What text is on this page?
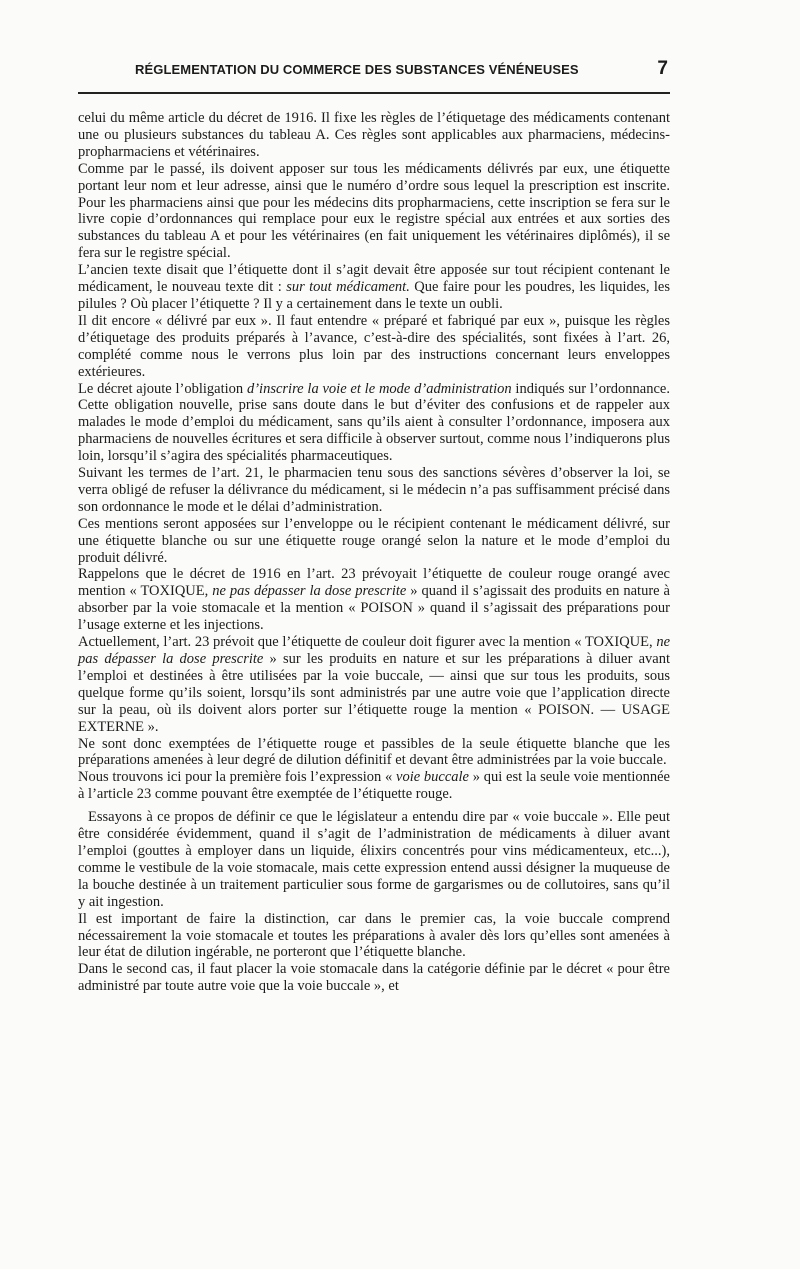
RÉGLEMENTATION DU COMMERCE DES SUBSTANCES VÉNÉNEUSES	7

celui du même article du décret de 1916. Il fixe les règles de l’étiquetage des médicaments contenant une ou plusieurs substances du tableau A. Ces règles sont applicables aux pharmaciens, médecins-propharmaciens et vétérinaires.

Comme par le passé, ils doivent apposer sur tous les médicaments délivrés par eux, une étiquette portant leur nom et leur adresse, ainsi que le numéro d’ordre sous lequel la prescription est inscrite. Pour les pharmaciens ainsi que pour les médecins dits propharmaciens, cette inscription se fera sur le livre copie d’ordonnances qui remplace pour eux le registre spécial aux entrées et aux sorties des substances du tableau A et pour les vétérinaires (en fait uniquement les vétérinaires diplômés), il se fera sur le registre spécial.

L’ancien texte disait que l’étiquette dont il s’agit devait être apposée sur tout récipient contenant le médicament, le nouveau texte dit : sur tout médicament. Que faire pour les poudres, les liquides, les pilules ? Où placer l’étiquette ? Il y a certainement dans le texte un oubli.

Il dit encore « délivré par eux ». Il faut entendre « préparé et fabriqué par eux », puisque les règles d’étiquetage des produits préparés à l’avance, c’est-à-dire des spécialités, sont fixées à l’art. 26, complété comme nous le verrons plus loin par des instructions concernant leurs enveloppes extérieures.

Le décret ajoute l’obligation d’inscrire la voie et le mode d’administration indiqués sur l’ordonnance. Cette obligation nouvelle, prise sans doute dans le but d’éviter des confusions et de rappeler aux malades le mode d’emploi du médicament, sans qu’ils aient à consulter l’ordonnance, imposera aux pharmaciens de nouvelles écritures et sera difficile à observer surtout, comme nous l’indiquerons plus loin, lorsqu’il s’agira des spécialités pharmaceutiques.

Suivant les termes de l’art. 21, le pharmacien tenu sous des sanctions sévères d’observer la loi, se verra obligé de refuser la délivrance du médicament, si le médecin n’a pas suffisamment précisé dans son ordonnance le mode et le délai d’administration.

Ces mentions seront apposées sur l’enveloppe ou le récipient contenant le médicament délivré, sur une étiquette blanche ou sur une étiquette rouge orangé selon la nature et le mode d’emploi du produit délivré.

Rappelons que le décret de 1916 en l’art. 23 prévoyait l’étiquette de couleur rouge orangé avec mention « TOXIQUE, ne pas dépasser la dose prescrite » quand il s’agissait des produits en nature à absorber par la voie stomacale et la mention « POISON » quand il s’agissait des préparations pour l’usage externe et les injections.

Actuellement, l’art. 23 prévoit que l’étiquette de couleur doit figurer avec la mention « TOXIQUE, ne pas dépasser la dose prescrite » sur les produits en nature et sur les préparations à diluer avant l’emploi et destinées à être utilisées par la voie buccale, — ainsi que sur tous les produits, sous quelque forme qu’ils soient, lorsqu’ils sont administrés par une autre voie que l’application directe sur la peau, où ils doivent alors porter sur l’étiquette rouge la mention « POISON. — USAGE EXTERNE ».

Ne sont donc exemptées de l’étiquette rouge et passibles de la seule étiquette blanche que les préparations amenées à leur degré de dilution définitif et devant être administrées par la voie buccale.

Nous trouvons ici pour la première fois l’expression « voie buccale » qui est la seule voie mentionnée à l’article 23 comme pouvant être exemptée de l’étiquette rouge.

Essayons à ce propos de définir ce que le législateur a entendu dire par « voie buccale ». Elle peut être considérée évidemment, quand il s’agit de l’administration de médicaments à diluer avant l’emploi (gouttes à employer dans un liquide, élixirs concentrés pour vins médicamenteux, etc...), comme le vestibule de la voie stomacale, mais cette expression entend aussi désigner la muqueuse de la bouche destinée à un traitement particulier sous forme de gargarismes ou de collutoires, sans qu’il y ait ingestion.

Il est important de faire la distinction, car dans le premier cas, la voie buccale comprend nécessairement la voie stomacale et toutes les préparations à avaler dès lors qu’elles sont amenées à leur état de dilution ingérable, ne porteront que l’étiquette blanche.

Dans le second cas, il faut placer la voie stomacale dans la catégorie définie par le décret « pour être administré par toute autre voie que la voie buccale », et
